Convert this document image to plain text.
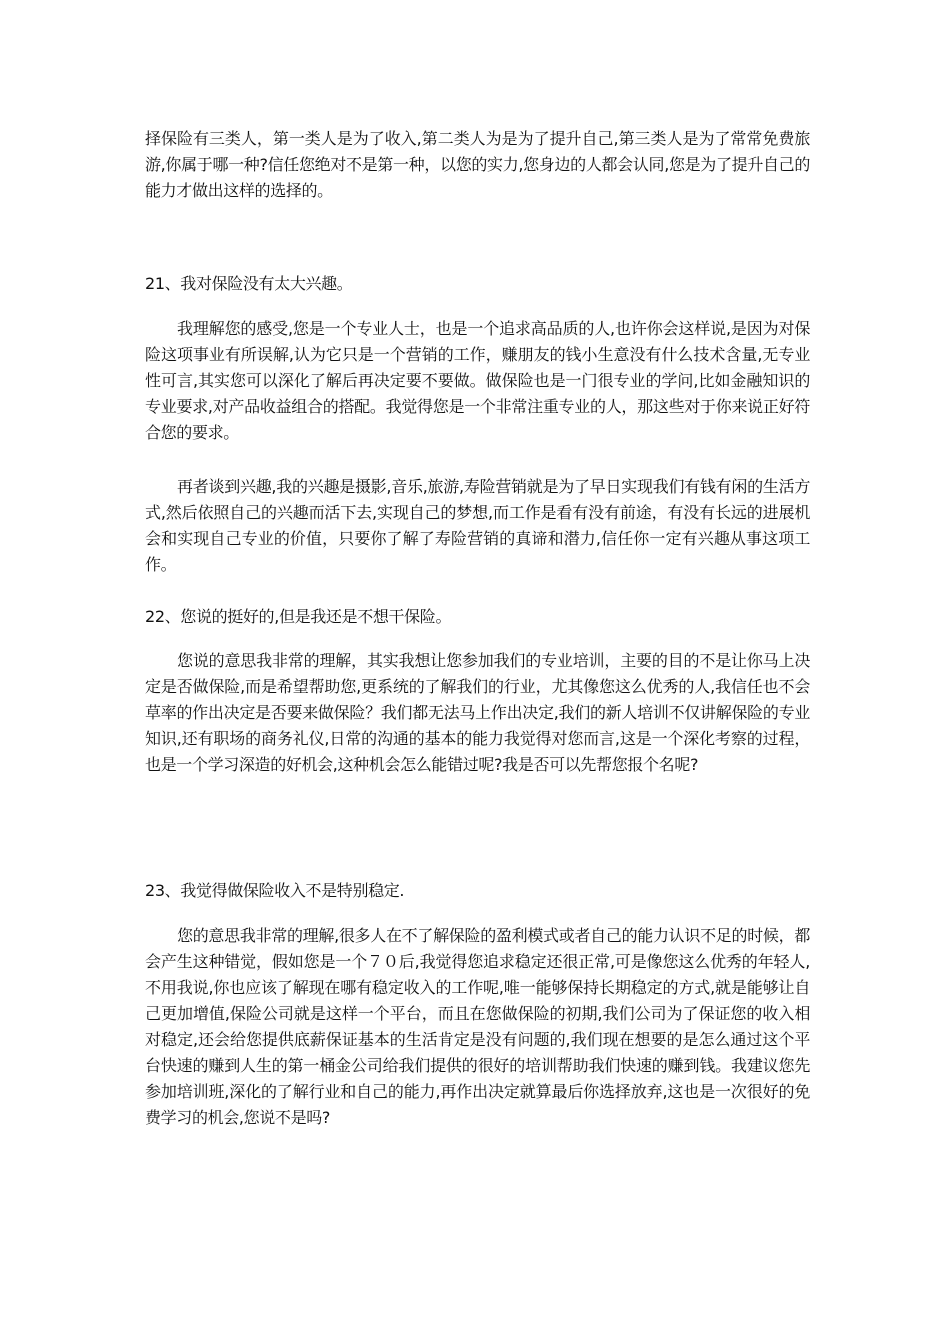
择保险有三类人，第一类人是为了收入,第二类人为是为了提升自己,第三类人是为了常常免费旅游,你属于哪一种?信任您绝对不是第一种，以您的实力,您身边的人都会认同,您是为了提升自己的能力才做出这样的选择的。

21、我对保险没有太大兴趣。

我理解您的感受,您是一个专业人士，也是一个追求高品质的人,也许你会这样说,是因为对保险这项事业有所误解,认为它只是一个营销的工作，赚朋友的钱小生意没有什么技术含量,无专业性可言,其实您可以深化了解后再决定要不要做。做保险也是一门很专业的学问,比如金融知识的专业要求,对产品收益组合的搭配。我觉得您是一个非常注重专业的人，那这些对于你来说正好符合您的要求。

再者谈到兴趣,我的兴趣是摄影,音乐,旅游,寿险营销就是为了早日实现我们有钱有闲的生活方式,然后依照自己的兴趣而活下去,实现自己的梦想,而工作是看有没有前途，有没有长远的进展机会和实现自己专业的价值，只要你了解了寿险营销的真谛和潜力,信任你一定有兴趣从事这项工作。

22、您说的挺好的,但是我还是不想干保险。

您说的意思我非常的理解，其实我想让您参加我们的专业培训，主要的目的不是让你马上决定是否做保险,而是希望帮助您,更系统的了解我们的行业，尤其像您这么优秀的人,我信任也不会草率的作出决定是否要来做保险？我们都无法马上作出决定,我们的新人培训不仅讲解保险的专业知识,还有职场的商务礼仪,日常的沟通的基本的能力我觉得对您而言,这是一个深化考察的过程，也是一个学习深造的好机会,这种机会怎么能错过呢?我是否可以先帮您报个名呢?

23、我觉得做保险收入不是特别稳定.

您的意思我非常的理解,很多人在不了解保险的盈利模式或者自己的能力认识不足的时候，都会产生这种错觉，假如您是一个７０后,我觉得您追求稳定还很正常,可是像您这么优秀的年轻人,不用我说,你也应该了解现在哪有稳定收入的工作呢,唯一能够保持长期稳定的方式,就是能够让自己更加增值,保险公司就是这样一个平台，而且在您做保险的初期,我们公司为了保证您的收入相对稳定,还会给您提供底薪保证基本的生活肯定是没有问题的,我们现在想要的是怎么通过这个平台快速的赚到人生的第一桶金公司给我们提供的很好的培训帮助我们快速的赚到钱。我建议您先参加培训班,深化的了解行业和自己的能力,再作出决定就算最后你选择放弃,这也是一次很好的免费学习的机会,您说不是吗?
